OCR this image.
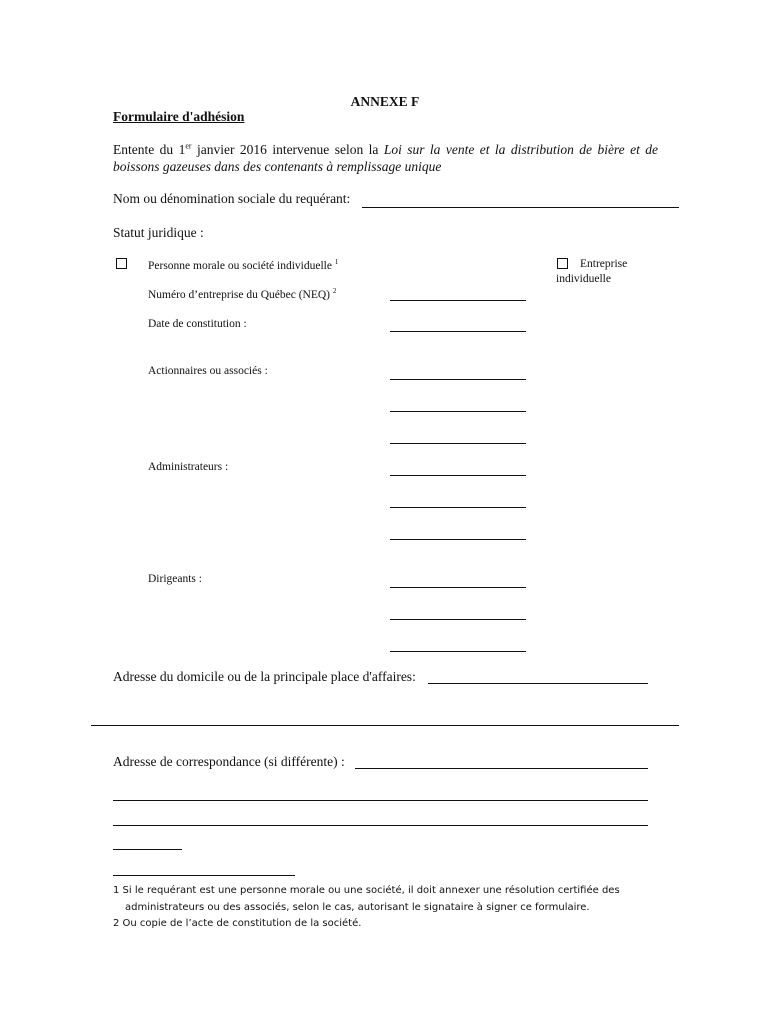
ANNEXE F
Formulaire d'adhésion
Entente du 1er janvier 2016 intervenue selon la Loi sur la vente et la distribution de bière et de boissons gazeuses dans des contenants à remplissage unique
Nom ou dénomination sociale du requérant:
Statut juridique :
Personne morale ou société individuelle $^1$	Entreprise
individuelle
Numéro d’entreprise du Québec (NEQ) $^2$
Date de constitution :
Actionnaires ou associés :
Administrateurs :
Dirigeants :
Adresse du domicile ou de la principale place d'affaires:
Adresse de correspondance (si différente) :
1 Si le requérant est une personne morale ou une société, il doit annexer une résolution certifiée des
administrateurs ou des associés, selon le cas, autorisant le signataire à signer ce formulaire.
2 Ou copie de l’acte de constitution de la société.
